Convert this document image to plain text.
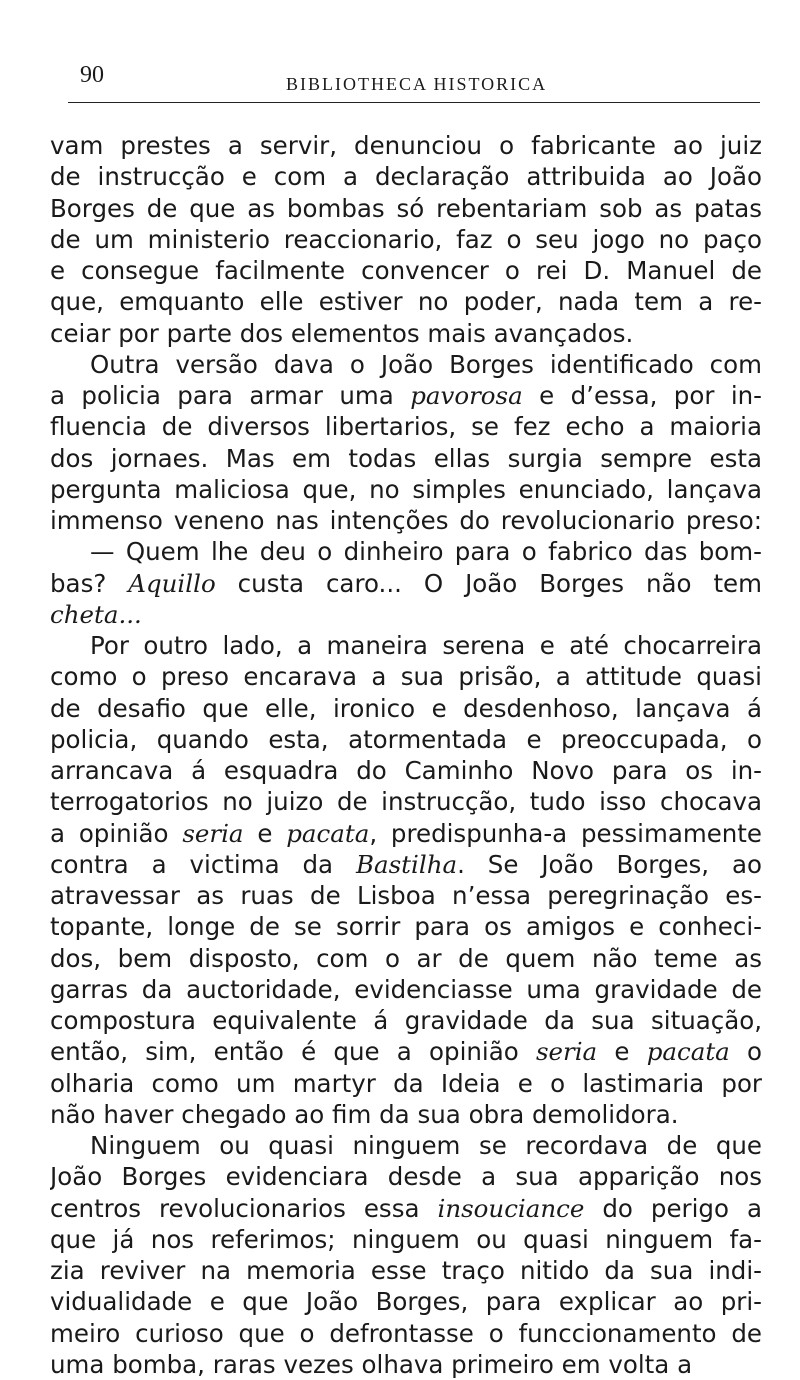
90	BIBLIOTHECA HISTORICA
vam prestes a servir, denunciou o fabricante ao juiz
de instrucção e com a declaração attribuida ao João
Borges de que as bombas só rebentariam sob as patas
de um ministerio reaccionario, faz o seu jogo no paço
e consegue facilmente convencer o rei D. Manuel de
que, emquanto elle estiver no poder, nada tem a re-
ceiar por parte dos elementos mais avançados.
Outra versão dava o João Borges identificado com
a policia para armar uma pavorosa e d’essa, por in-
fluencia de diversos libertarios, se fez echo a maioria
dos jornaes. Mas em todas ellas surgia sempre esta
pergunta maliciosa que, no simples enunciado, lançava
immenso veneno nas intenções do revolucionario preso:
— Quem lhe deu o dinheiro para o fabrico das bom-
bas? Aquillo custa caro... O João Borges não tem
cheta...
Por outro lado, a maneira serena e até chocarreira
como o preso encarava a sua prisão, a attitude quasi
de desafio que elle, ironico e desdenhoso, lançava á
policia, quando esta, atormentada e preoccupada, o
arrancava á esquadra do Caminho Novo para os in-
terrogatorios no juizo de instrucção, tudo isso chocava
a opinião seria e pacata, predispunha-a pessimamente
contra a victima da Bastilha. Se João Borges, ao
atravessar as ruas de Lisboa n’essa peregrinação es-
topante, longe de se sorrir para os amigos e conheci-
dos, bem disposto, com o ar de quem não teme as
garras da auctoridade, evidenciasse uma gravidade de
compostura equivalente á gravidade da sua situação,
então, sim, então é que a opinião seria e pacata o
olharia como um martyr da Ideia e o lastimaria por
não haver chegado ao fim da sua obra demolidora.
Ninguem ou quasi ninguem se recordava de que
João Borges evidenciara desde a sua apparição nos
centros revolucionarios essa insouciance do perigo a
que já nos referimos; ninguem ou quasi ninguem fa-
zia reviver na memoria esse traço nitido da sua indi-
vidualidade e que João Borges, para explicar ao pri-
meiro curioso que o defrontasse o funccionamento de
uma bomba, raras vezes olhava primeiro em volta a
